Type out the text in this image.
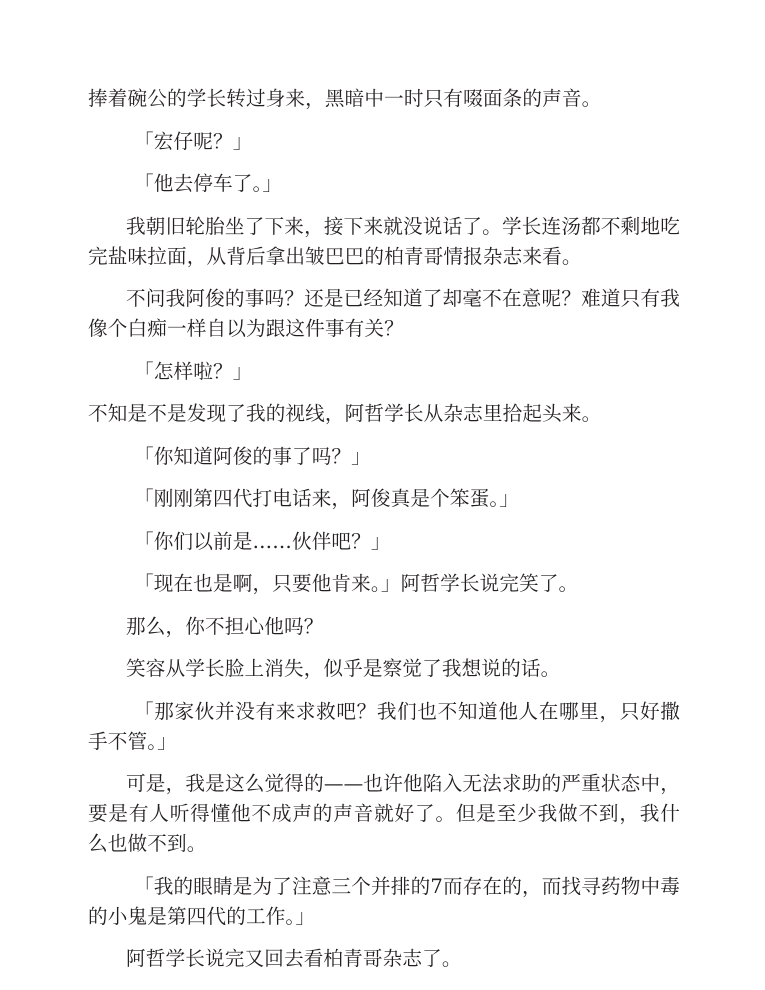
捧着碗公的学长转过身来，黑暗中一时只有啜面条的声音。

「宏仔呢？」

「他去停车了。」

我朝旧轮胎坐了下来，接下来就没说话了。学长连汤都不剩地吃完盐味拉面，从背后拿出皱巴巴的柏青哥情报杂志来看。

不问我阿俊的事吗？还是已经知道了却毫不在意呢？难道只有我像个白痴一样自以为跟这件事有关？

「怎样啦？」

不知是不是发现了我的视线，阿哲学长从杂志里拾起头来。

「你知道阿俊的事了吗？」

「刚刚第四代打电话来，阿俊真是个笨蛋。」

「你们以前是……伙伴吧？」

「现在也是啊，只要他肯来。」阿哲学长说完笑了。

那么，你不担心他吗？

笑容从学长脸上消失，似乎是察觉了我想说的话。

「那家伙并没有来求救吧？我们也不知道他人在哪里，只好撒手不管。」

可是，我是这么觉得的——也许他陷入无法求助的严重状态中，要是有人听得懂他不成声的声音就好了。但是至少我做不到，我什么也做不到。

「我的眼睛是为了注意三个并排的7而存在的，而找寻药物中毒的小鬼是第四代的工作。」

阿哲学长说完又回去看柏青哥杂志了。
